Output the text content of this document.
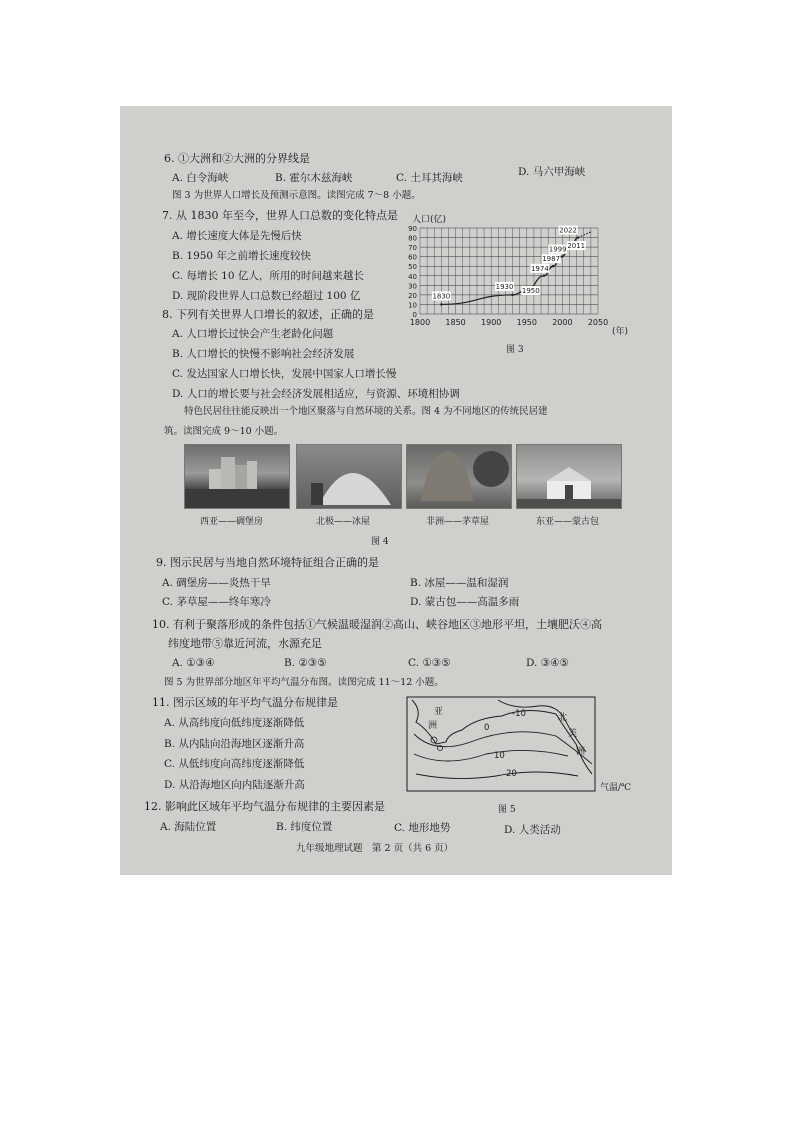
6. ①大洲和②大洲的分界线是
A. 白令海峡	B. 霍尔木兹海峡	C. 土耳其海峡	D. 马六甲海峡
图 3 为世界人口增长及预测示意图。读图完成 7～8 小题。
7. 从 1830 年至今，世界人口总数的变化特点是
A. 增长速度大体是先慢后快
B. 1950 年之前增长速度较快
C. 每增长 10 亿人，所用的时间越来越长
D. 现阶段世界人口总数已经超过 100 亿
8. 下列有关世界人口增长的叙述，正确的是
A. 人口增长过快会产生老龄化问题
B. 人口增长的快慢不影响社会经济发展
C. 发达国家人口增长快，发展中国家人口增长慢
D. 人口的增长要与社会经济发展相适应，与资源、环境相协调
人口(亿)
0
10
20
30
40
50
60
70
80
90
1800 1850 1900 1950 2000 2050
1830
1930
1950
1974
1987
1999 2011
2022
(年)
图 3
特色民居往往能反映出一个地区聚落与自然环境的关系。图 4 为不同地区的传统民居建
筑。读图完成 9～10 小题。
西亚——碉堡房	北极——冰屋	非洲——茅草屋	东亚——蒙古包
图 4
9. 图示民居与当地自然环境特征组合正确的是
A. 碉堡房——炎热干旱	B. 冰屋——温和湿润
C. 茅草屋——终年寒冷	D. 蒙古包——高温多雨
10. 有利于聚落形成的条件包括①气候温暖湿润②高山、峡谷地区③地形平坦，土壤肥沃④高
纬度地带⑤靠近河流，水源充足
A. ①③④	B. ②③⑤	C. ①③⑤	D. ③④⑤
图 5 为世界部分地区年平均气温分布图。读图完成 11～12 小题。
11. 图示区域的年平均气温分布规律是
A. 从高纬度向低纬度逐渐降低
B. 从内陆向沿海地区逐渐升高
C. 从低纬度向高纬度逐渐降低
D. 从沿海地区向内陆逐渐升高
亚
洲
北
美
洲
-10
0
10
20
气温/℃
图 5
12. 影响此区域年平均气温分布规律的主要因素是
A. 海陆位置	B. 纬度位置	C. 地形地势	D. 人类活动
九年级地理试题　第 2 页（共 6 页）
